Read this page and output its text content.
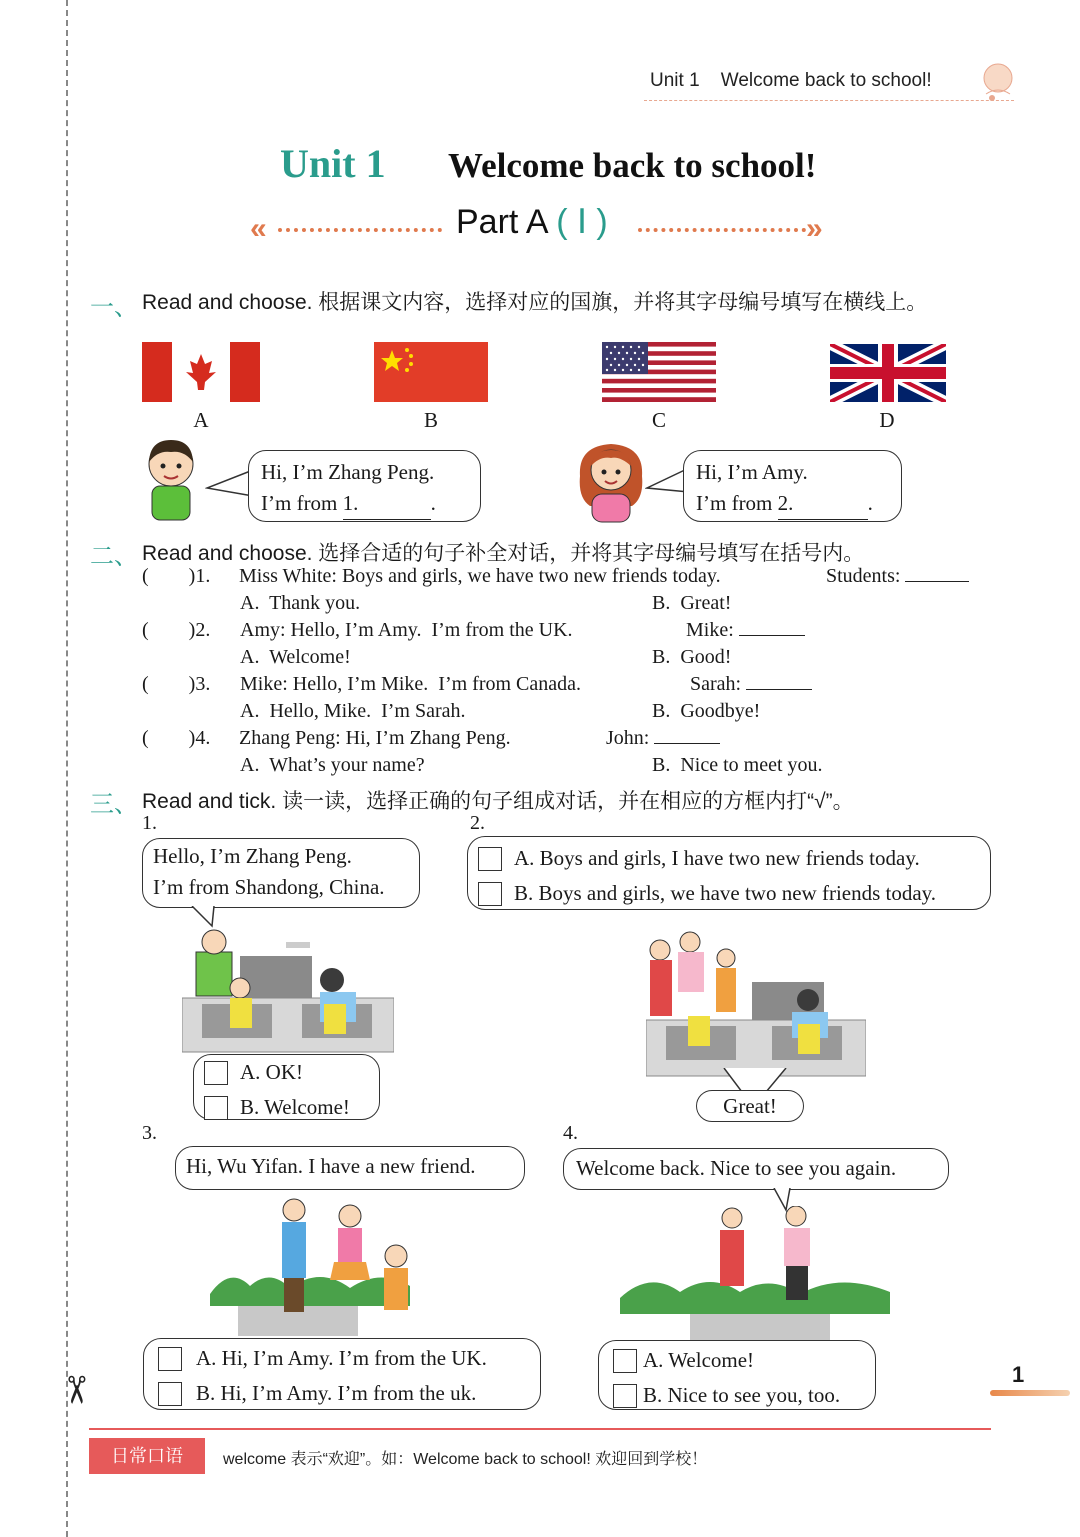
✂
Unit 1 Welcome back to school!
Unit 1 Welcome back to school!
«	Part A ( Ⅰ )	»
一、 Read and choose. 根据课文内容，选择对应的国旗，并将其字母编号填写在横线上。
A	B	C	D
Hi, I’m Zhang Peng.
I’m from 1.	.
Hi, I’m Amy.
I’m from 2.	.
二、 Read and choose. 选择合适的句子补全对话，并将其字母编号填写在括号内。
(        )1. Miss White: Boys and girls, we have two new friends today.	Students:
A.  Thank you.	B.  Great!
(        )2. Amy: Hello, I’m Amy.  I’m from the UK.	Mike:
A.  Welcome!	B.  Good!
(        )3. Mike: Hello, I’m Mike.  I’m from Canada.	Sarah:
A.  Hello, Mike.  I’m Sarah.	B.  Goodbye!
(        )4. Zhang Peng: Hi, I’m Zhang Peng.	John:
A.  What’s your name?	B.  Nice to meet you.
三、 Read and tick. 读一读，选择正确的句子组成对话，并在相应的方框内打“√”。
1.
Hello, I’m Zhang Peng.
I’m from Shandong, China.
A. OK!
B. Welcome!
2.
A. Boys and girls, I have two new friends today.
B. Boys and girls, we have two new friends today.
Great!
3.
Hi, Wu Yifan. I have a new friend.
A. Hi, I’m Amy. I’m from the UK.
B. Hi, I’m Amy. I’m from the uk.
4.
Welcome back. Nice to see you again.
A. Welcome!
B. Nice to see you, too.
1
日常口语	welcome 表示“欢迎”。如：Welcome back to school! 欢迎回到学校！
